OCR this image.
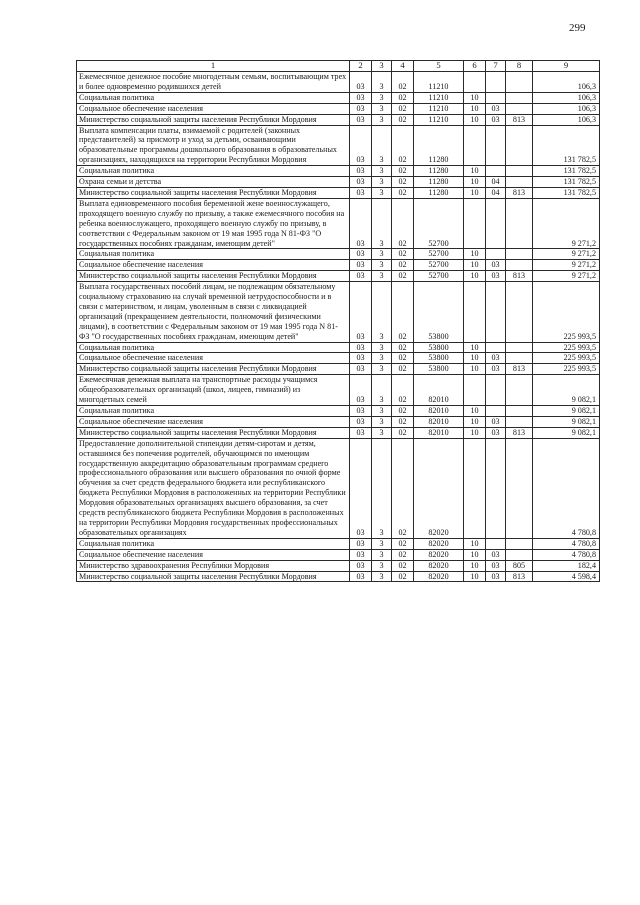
299
1	2	3	4	5	6	7	8	9
Ежемесячное денежное пособие многодетным семьям, воспитывающим трех и более одновременно родившихся детей	03	3	02	11210				106,3
Социальная политика	03	3	02	11210	10			106,3
Социальное обеспечение населения	03	3	02	11210	10	03		106,3
Министерство социальной защиты населения Республики Мордовия	03	3	02	11210	10	03	813	106,3
Выплата компенсации платы, взимаемой с родителей (законных представителей) за присмотр и уход за детьми, осваивающими образовательные программы дошкольного образования в образовательных организациях, находящихся на территории Республики Мордовия	03	3	02	11280				131 782,5
Социальная политика	03	3	02	11280	10			131 782,5
Охрана семьи и детства	03	3	02	11280	10	04		131 782,5
Министерство социальной защиты населения Республики Мордовия	03	3	02	11280	10	04	813	131 782,5
Выплата единовременного пособия беременной жене военнослужащего, проходящего военную службу по призыву, а также ежемесячного пособия на ребенка военнослужащего, проходящего военную службу по призыву, в соответствии с Федеральным законом от 19 мая 1995 года N 81-ФЗ "О государственных пособиях гражданам, имеющим детей"	03	3	02	52700				9 271,2
Социальная политика	03	3	02	52700	10			9 271,2
Социальное обеспечение населения	03	3	02	52700	10	03		9 271,2
Министерство социальной защиты населения Республики Мордовия	03	3	02	52700	10	03	813	9 271,2
Выплата государственных пособий лицам, не подлежащим обязательному социальному страхованию на случай временной нетрудоспособности и в связи с материнством, и лицам, уволенным в связи с ликвидацией организаций (прекращением деятельности, полномочий физическими лицами), в соответствии с Федеральным законом от 19 мая 1995 года N 81-ФЗ "О государственных пособиях гражданам, имеющим детей"	03	3	02	53800				225 993,5
Социальная политика	03	3	02	53800	10			225 993,5
Социальное обеспечение населения	03	3	02	53800	10	03		225 993,5
Министерство социальной защиты населения Республики Мордовия	03	3	02	53800	10	03	813	225 993,5
Ежемесячная денежная выплата на транспортные расходы учащимся общеобразовательных организаций (школ, лицеев, гимназий) из многодетных семей	03	3	02	82010				9 082,1
Социальная политика	03	3	02	82010	10			9 082,1
Социальное обеспечение населения	03	3	02	82010	10	03		9 082,1
Министерство социальной защиты населения Республики Мордовия	03	3	02	82010	10	03	813	9 082,1
Предоставление дополнительной стипендии детям-сиротам и детям, оставшимся без попечения родителей, обучающимся по имеющим государственную аккредитацию образовательным программам среднего профессионального образования или высшего образования по очной форме обучения за счет средств федерального бюджета или республиканского бюджета Республики Мордовия в расположенных на территории Республики Мордовия образовательных организациях высшего образования, за счет средств республиканского бюджета Республики Мордовия в расположенных на территории Республики Мордовия государственных профессиональных образовательных организациях	03	3	02	82020				4 780,8
Социальная политика	03	3	02	82020	10			4 780,8
Социальное обеспечение населения	03	3	02	82020	10	03		4 780,8
Министерство здравоохранения Республики Мордовия	03	3	02	82020	10	03	805	182,4
Министерство социальной защиты населения Республики Мордовия	03	3	02	82020	10	03	813	4 598,4
